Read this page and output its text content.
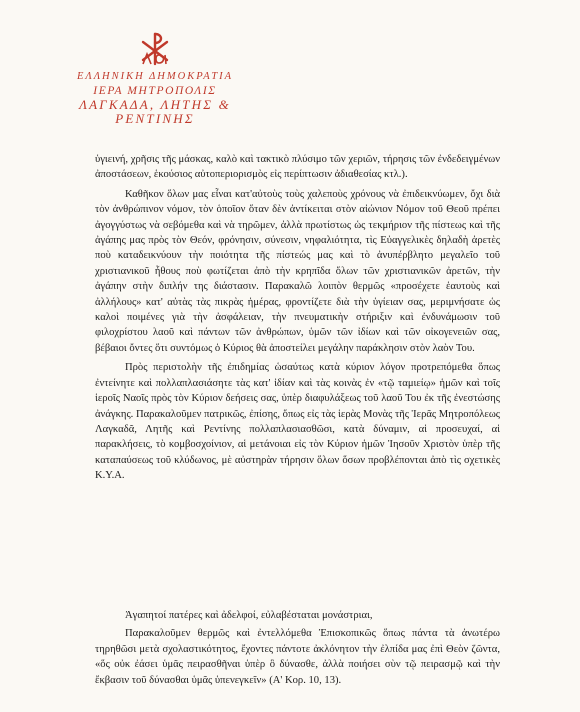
ΕΛΛΗΝΙΚΗ ΔΗΜΟΚΡΑΤΙΑ

ΙΕΡΑ ΜΗΤΡΟΠΟΛΙΣ

ΛΑΓΚΑΔΑ, ΛΗΤΗΣ & ΡΕΝΤΙΝΗΣ

ὑγιεινή, χρῆσις τῆς μάσκας, καλὸ καὶ τακτικὸ πλύσιμο τῶν χεριῶν, τήρησις τῶν ἐνδεδειγμένων ἀποστάσεων, ἑκούσιος αὐτοπεριορισμὸς εἰς περίπτωσιν ἀδιαθεσίας κτλ.).

Καθῆκον ὅλων μας εἶναι κατ'αὐτοὺς τοὺς χαλεποὺς χρόνους νὰ ἐπιδεικνύωμεν, ὄχι διὰ τὸν ἀνθρώπινον νόμον, τὸν ὁποῖον ὅταν δὲν ἀντίκειται στὸν αἰώνιον Νόμον τοῦ Θεοῦ πρέπει ἀγογγύστως νὰ σεβόμεθα καὶ νὰ τηρῶμεν, ἀλλὰ πρωτίστως ὡς τεκμήριον τῆς πίστεως καὶ τῆς ἀγάπης μας πρὸς τὸν Θεόν, φρόνησιν, σύνεσιν, νηφαλιότητα, τὶς Εὐαγγελικὲς δηλαδὴ ἀρετὲς ποὺ καταδεικνύουν τὴν ποιότητα τῆς πίστεώς μας καὶ τὸ ἀνυπέρβλητο μεγαλεῖο τοῦ χριστιανικοῦ ἦθους ποὺ φωτίζεται ἀπὸ τὴν κρηπῖδα ὅλων τῶν χριστιανικῶν ἀρετῶν, τὴν ἀγάπην στὴν διπλήν της διάστασιν. Παρακαλῶ λοιπὸν θερμῶς «προσέχετε ἑαυτοὺς καὶ ἀλλήλους» κατ' αὐτὰς τὰς πικρὰς ἡμέρας, φροντίζετε διὰ τὴν ὑγίειαν σας, μεριμνήσατε ὡς καλοὶ ποιμένες γιὰ τὴν ἀσφάλειαν, τὴν πνευματικὴν στήριξιν καὶ ἐνδυνάμωσιν τοῦ φιλοχρίστου λαοῦ καὶ πάντων τῶν ἀνθρώπων, ὑμῶν τῶν ἰδίων καὶ τῶν οἰκογενειῶν σας, βέβαιοι ὄντες ὅτι συντόμως ὁ Κύριος θὰ ἀποστείλει μεγάλην παράκλησιν στὸν λαὸν Του.

Πρὸς περιστολὴν τῆς ἐπιδημίας ὡσαύτως κατὰ κύριον λόγον προτρεπόμεθα ὅπως ἐντείνητε καὶ πολλαπλασιάσητε τὰς κατ' ἰδίαν καὶ τὰς κοινὰς ἐν «τῷ ταμιείῳ» ἡμῶν καὶ τοῖς ἱεροῖς Ναοῖς πρὸς τὸν Κύριον δεήσεις σας, ὑπὲρ διαφυλάξεως τοῦ λαοῦ Του ἐκ τῆς ἐνεστώσης ἀνάγκης. Παρακαλοῦμεν πατρικῶς, ἐπίσης, ὅπως εἰς τὰς ἱερὰς Μονὰς τῆς Ἱερᾶς Μητροπόλεως Λαγκαδᾶ, Λητῆς καὶ Ρεντίνης πολλαπλασιασθῶσι, κατὰ δύναμιν, αἱ προσευχαί, αἱ παρακλήσεις, τὸ κομβοσχοίνιον, αἱ μετάνοιαι εἰς τὸν Κύριον ἡμῶν Ἰησοῦν Χριστὸν ὑπὲρ τῆς καταπαύσεως τοῦ κλύδωνος, μὲ αὐστηρὰν τήρησιν ὅλων ὅσων προβλέπονται ἀπὸ τὶς σχετικὲς Κ.Υ.Α.

Ἀγαπητοί πατέρες καὶ ἀδελφοί, εὐλαβέσταται μονάστριαι,

Παρακαλοῦμεν θερμῶς καὶ ἐντελλόμεθα Ἐπισκοπικῶς ὅπως πάντα τὰ ἀνωτέρω τηρηθῶσι μετὰ σχολαστικότητος, ἔχοντες πάντοτε ἀκλόνητον τὴν ἐλπίδα μας ἐπὶ Θεὸν ζῶντα, «ὅς οὐκ ἐάσει ὑμᾶς πειρασθῆναι ὑπὲρ ὃ δύνασθε, ἀλλὰ ποιήσει σὺν τῷ πειρασμῷ καὶ τὴν ἔκβασιν τοῦ δύνασθαι ὑμᾶς ὑπενεγκεῖν» (Α' Κορ. 10, 13).
